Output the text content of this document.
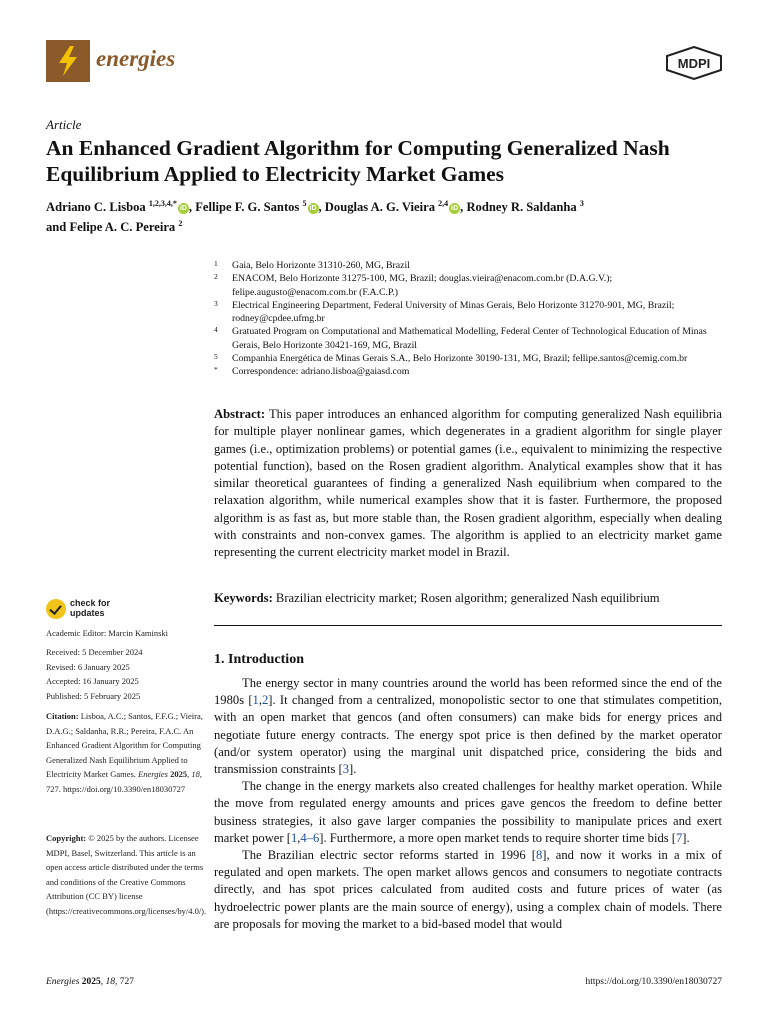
energies	MDPI
Article
An Enhanced Gradient Algorithm for Computing Generalized Nash Equilibrium Applied to Electricity Market Games
Adriano C. Lisboa $^{1,2,3,4,*}$iD , Fellipe F. G. Santos $^5$iD , Douglas A. G. Vieira $^{2,4}$iD , Rodney R. Saldanha $^3$
and Felipe A. C. Pereira $^2$
1 Gaia, Belo Horizonte 31310-260, MG, Brazil
2 ENACOM, Belo Horizonte 31275-100, MG, Brazil; douglas.vieira@enacom.com.br (D.A.G.V.); felipe.augusto@enacom.com.br (F.A.C.P.)
3 Electrical Engineering Department, Federal University of Minas Gerais, Belo Horizonte 31270-901, MG, Brazil; rodney@cpdee.ufmg.br
4 Gratuated Program on Computational and Mathematical Modelling, Federal Center of Technological Education of Minas Gerais, Belo Horizonte 30421-169, MG, Brazil
5 Companhia Energética de Minas Gerais S.A., Belo Horizonte 30190-131, MG, Brazil; fellipe.santos@cemig.com.br
* Correspondence: adriano.lisboa@gaiasd.com
Abstract: This paper introduces an enhanced algorithm for computing generalized Nash equilibria for multiple player nonlinear games, which degenerates in a gradient algorithm for single player games (i.e., optimization problems) or potential games (i.e., equivalent to minimizing the respective potential function), based on the Rosen gradient algorithm. Analytical examples show that it has similar theoretical guarantees of finding a generalized Nash equilibrium when compared to the relaxation algorithm, while numerical examples show that it is faster. Furthermore, the proposed algorithm is as fast as, but more stable than, the Rosen gradient algorithm, especially when dealing with constraints and non-convex games. The algorithm is applied to an electricity market game representing the current electricity market model in Brazil.
Keywords: Brazilian electricity market; Rosen algorithm; generalized Nash equilibrium
1. Introduction

The energy sector in many countries around the world has been reformed since the end of the 1980s [1,2]. It changed from a centralized, monopolistic sector to one that stimulates competition, with an open market that gencos (and often consumers) can make bids for energy prices and negotiate future energy contracts. The energy spot price is then defined by the market operator (and/or system operator) using the marginal unit dispatched price, considering the bids and transmission constraints [3].

The change in the energy markets also created challenges for healthy market operation. While the move from regulated energy amounts and prices gave gencos the freedom to define better business strategies, it also gave larger companies the possibility to manipulate prices and exert market power [1,4–6]. Furthermore, a more open market tends to require shorter time bids [7].

The Brazilian electric sector reforms started in 1996 [8], and now it works in a mix of regulated and open markets. The open market allows gencos and consumers to negotiate contracts directly, and has spot prices calculated from audited costs and future prices of water (as hydroelectric power plants are the main source of energy), using a complex chain of models. There are proposals for moving the market to a bid-based model that would

check for
updates
Academic Editor: Marcin Kaminski
Received: 5 December 2024
Revised: 6 January 2025
Accepted: 16 January 2025
Published: 5 February 2025
Citation: Lisboa, A.C.; Santos, F.F.G.; Vieira, D.A.G.; Saldanha, R.R.; Pereira, F.A.C. An Enhanced Gradient Algorithm for Computing Generalized Nash Equilibrium Applied to Electricity Market Games. Energies 2025, 18, 727. https://doi.org/10.3390/en18030727
Copyright: © 2025 by the authors. Licensee MDPI, Basel, Switzerland. This article is an open access article distributed under the terms and conditions of the Creative Commons Attribution (CC BY) license (https://creativecommons.org/licenses/by/4.0/).
Energies 2025, 18, 727	https://doi.org/10.3390/en18030727
